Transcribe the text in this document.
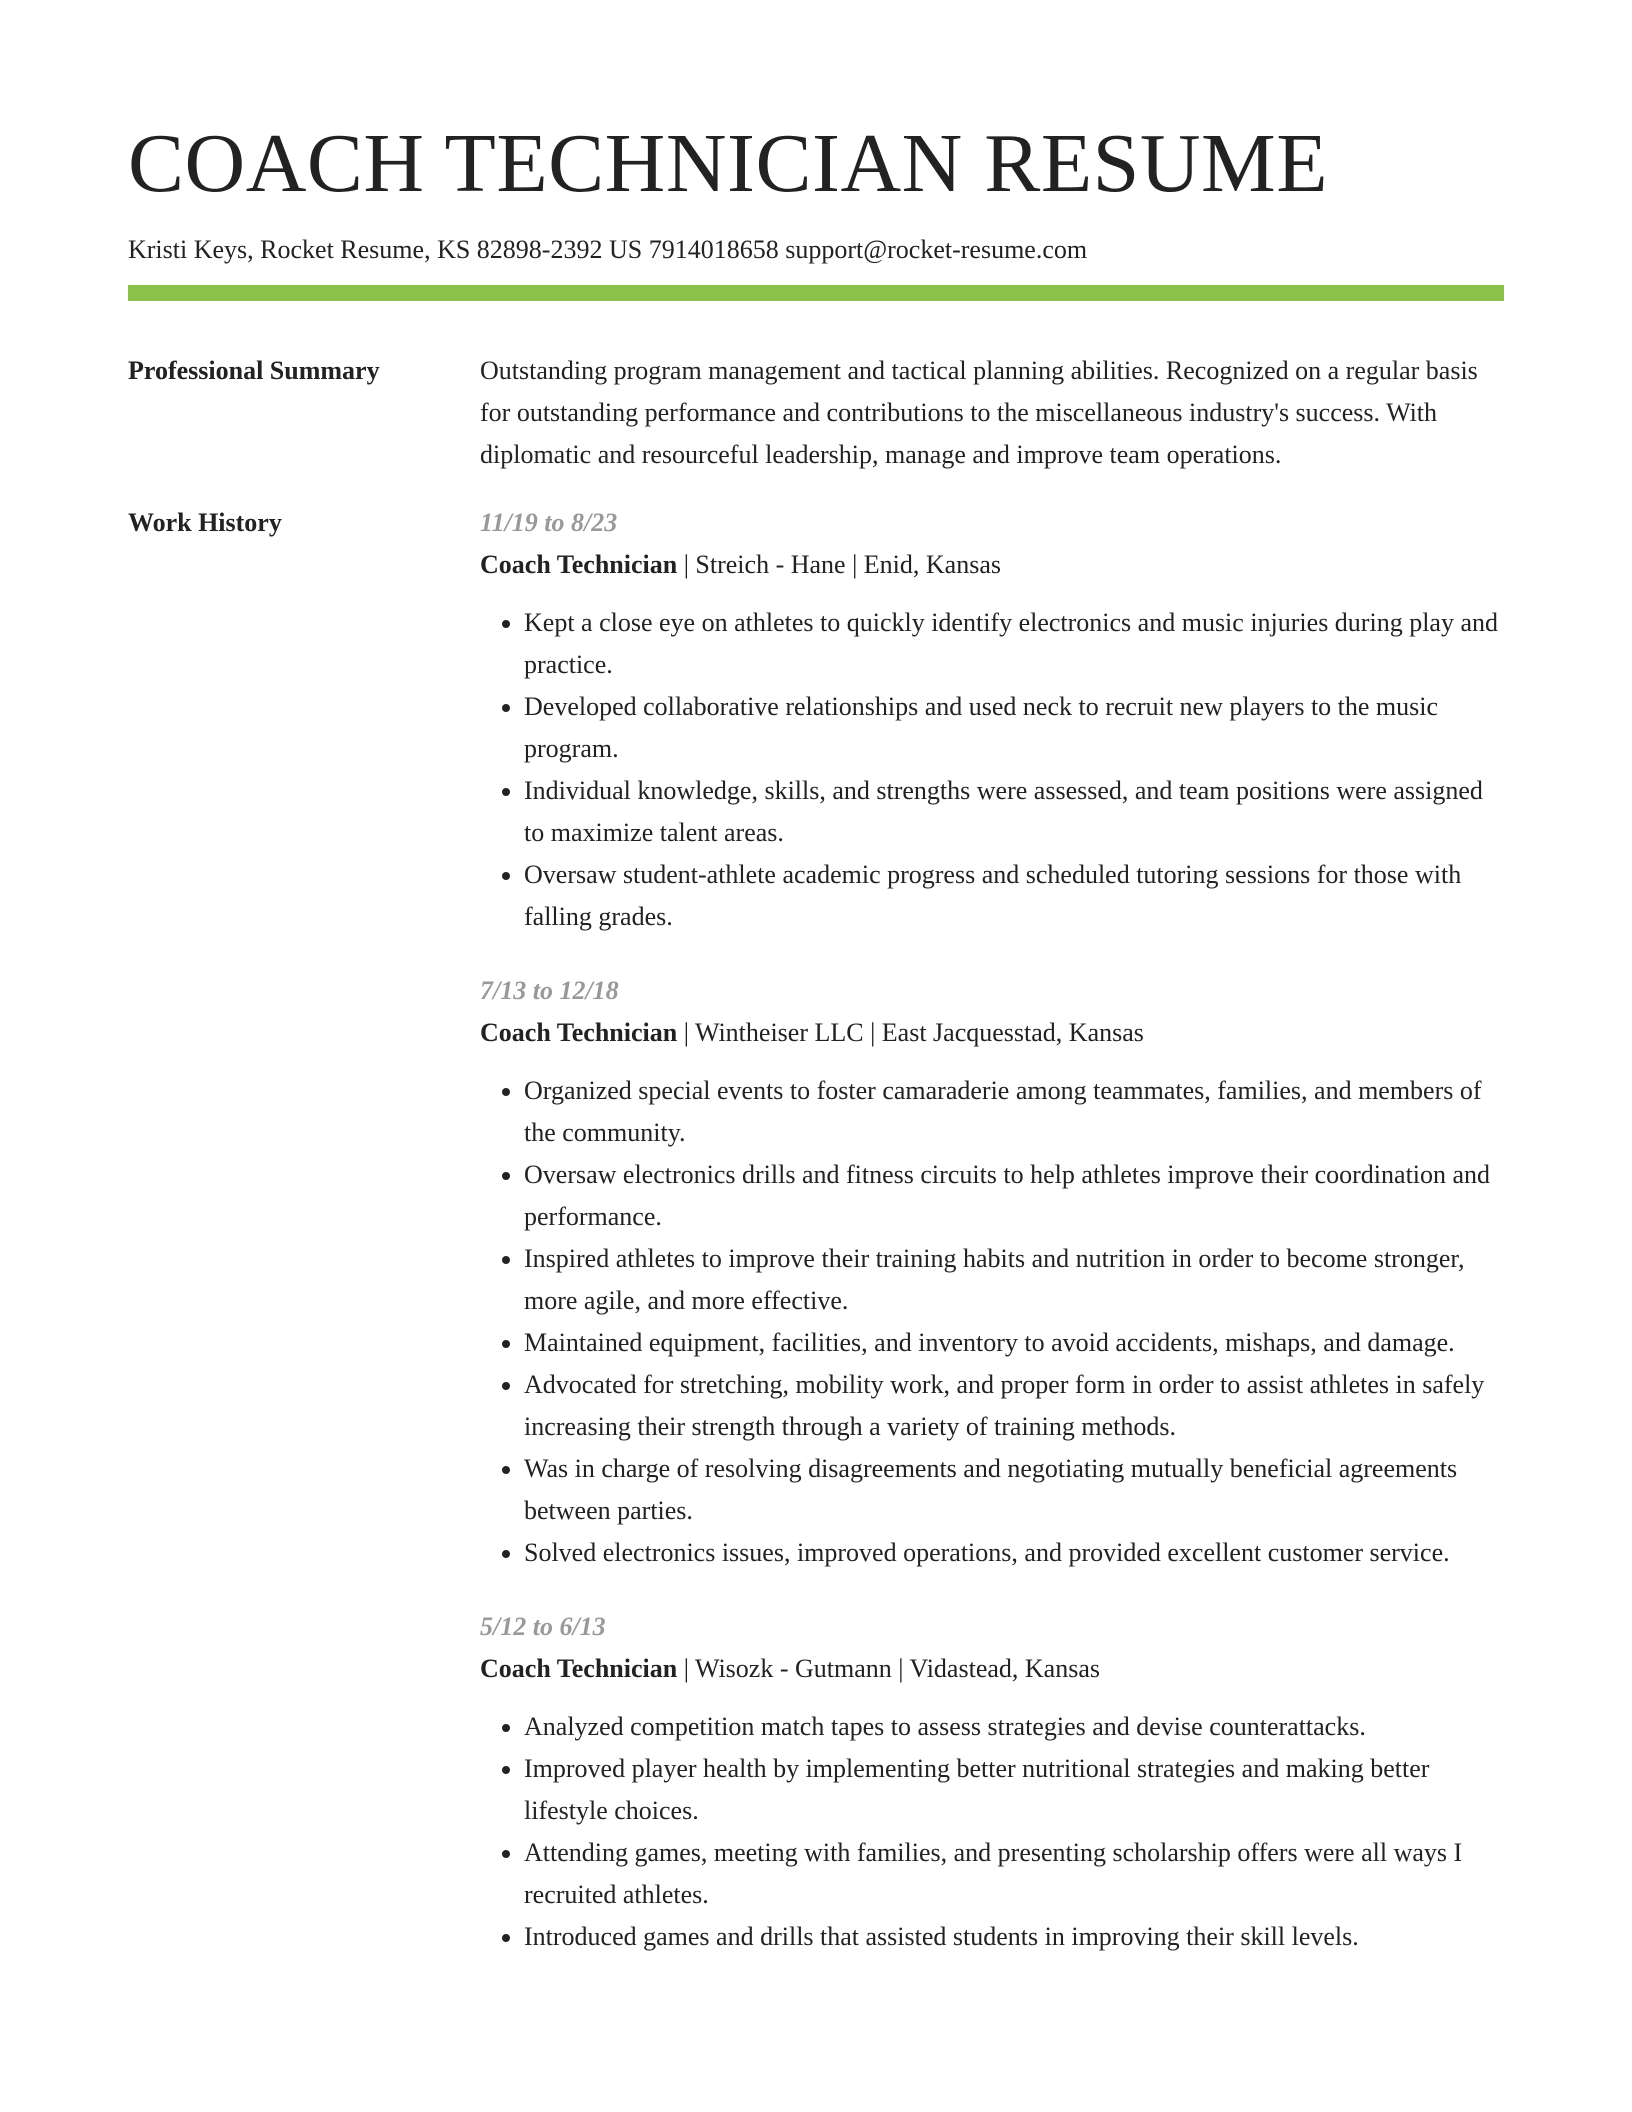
COACH TECHNICIAN RESUME
Kristi Keys, Rocket Resume, KS 82898-2392 US 7914018658 support@rocket-resume.com
Professional Summary	Outstanding program management and tactical planning abilities. Recognized on a regular basis for outstanding performance and contributions to the miscellaneous industry's success. With diplomatic and resourceful leadership, manage and improve team operations.

Work History	11/19 to 8/23
Coach Technician | Streich - Hane | Enid, Kansas
• Kept a close eye on athletes to quickly identify electronics and music injuries during play and practice.
• Developed collaborative relationships and used neck to recruit new players to the music program.
• Individual knowledge, skills, and strengths were assessed, and team positions were assigned to maximize talent areas.
• Oversaw student-athlete academic progress and scheduled tutoring sessions for those with falling grades.
7/13 to 12/18
Coach Technician | Wintheiser LLC | East Jacquesstad, Kansas
• Organized special events to foster camaraderie among teammates, families, and members of the community.
• Oversaw electronics drills and fitness circuits to help athletes improve their coordination and performance.
• Inspired athletes to improve their training habits and nutrition in order to become stronger, more agile, and more effective.
• Maintained equipment, facilities, and inventory to avoid accidents, mishaps, and damage.
• Advocated for stretching, mobility work, and proper form in order to assist athletes in safely increasing their strength through a variety of training methods.
• Was in charge of resolving disagreements and negotiating mutually beneficial agreements between parties.
• Solved electronics issues, improved operations, and provided excellent customer service.
5/12 to 6/13
Coach Technician | Wisozk - Gutmann | Vidastead, Kansas
• Analyzed competition match tapes to assess strategies and devise counterattacks.
• Improved player health by implementing better nutritional strategies and making better lifestyle choices.
• Attending games, meeting with families, and presenting scholarship offers were all ways I recruited athletes.
• Introduced games and drills that assisted students in improving their skill levels.
